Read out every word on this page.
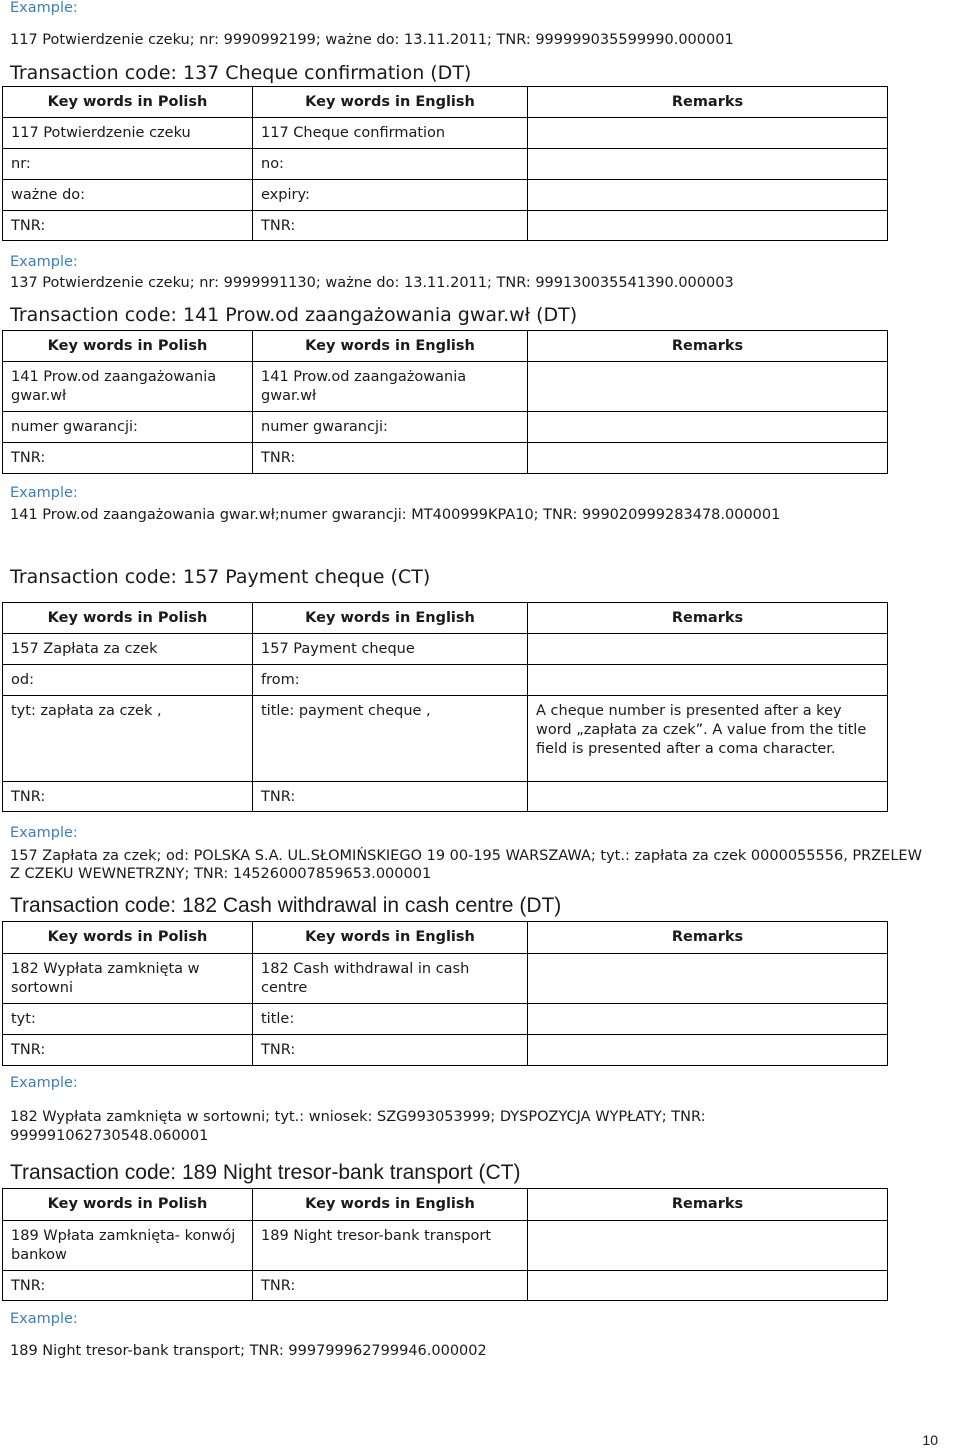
Example:
117 Potwierdzenie czeku; nr: 9990992199; ważne do: 13.11.2011; TNR: 999999035599990.000001
Transaction code: 137 Cheque confirmation (DT)
Key words in Polish	Key words in English	Remarks
117 Potwierdzenie czeku	117 Cheque confirmation	
nr:	no:	
ważne do:	expiry:	
TNR:	TNR:	
Example:
137 Potwierdzenie czeku; nr: 9999991130; ważne do: 13.11.2011; TNR: 999130035541390.000003
Transaction code: 141 Prow.od zaangażowania gwar.wł (DT)
Key words in Polish	Key words in English	Remarks
141 Prow.od zaangażowania gwar.wł	141 Prow.od zaangażowania gwar.wł	
numer gwarancji:	numer gwarancji:	
TNR:	TNR:	
Example:
141 Prow.od zaangażowania gwar.wł;numer gwarancji: MT400999KPA10; TNR: 999020999283478.000001
Transaction code: 157 Payment cheque (CT)
Key words in Polish	Key words in English	Remarks
157 Zapłata za czek	157 Payment cheque	
od:	from:	
tyt: zapłata za czek ,	title: payment cheque ,	A cheque number is presented after a key word „zapłata za czek”. A value from the title field is presented after a coma character.
TNR:	TNR:	
Example:
157 Zapłata za czek; od: POLSKA S.A. UL.SŁOMIŃSKIEGO 19 00-195 WARSZAWA; tyt.: zapłata za czek 0000055556, PRZELEW Z CZEKU WEWNETRZNY; TNR: 145260007859653.000001
Transaction code: 182 Cash withdrawal in cash centre (DT)
Key words in Polish	Key words in English	Remarks
182 Wypłata zamknięta w sortowni	182 Cash withdrawal in cash centre	
tyt:	title:	
TNR:	TNR:	
Example:
182 Wypłata zamknięta w sortowni; tyt.: wniosek: SZG993053999; DYSPOZYCJA WYPŁATY; TNR: 999991062730548.060001
Transaction code: 189 Night tresor-bank transport (CT)
Key words in Polish	Key words in English	Remarks
189 Wpłata zamknięta- konwój bankow	189 Night tresor-bank transport	
TNR:	TNR:	
Example:
189 Night tresor-bank transport; TNR: 999799962799946.000002
10
